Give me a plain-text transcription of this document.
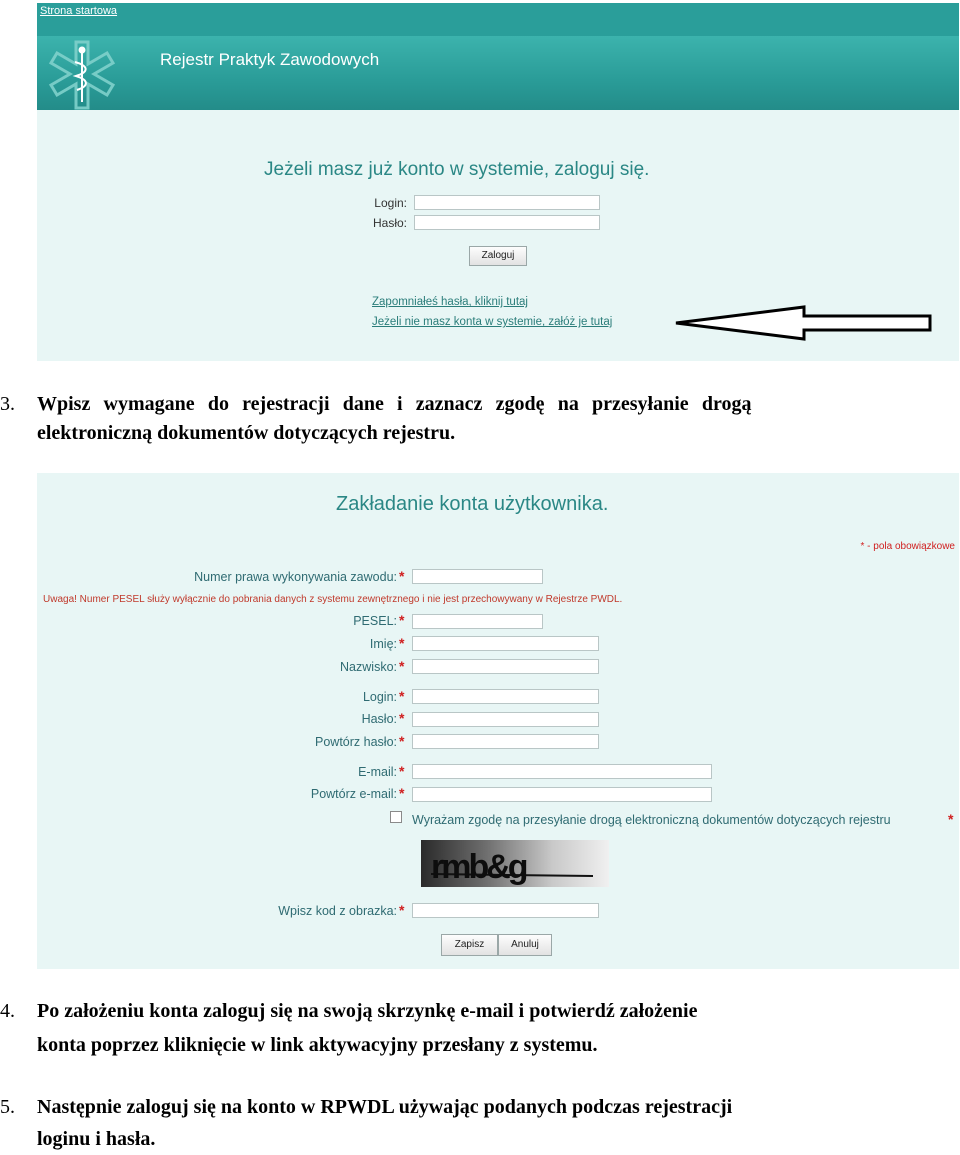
Strona startowa
Rejestr Praktyk Zawodowych
Jeżeli masz już konto w systemie, zaloguj się.
Login:
Hasło:
Zaloguj
Zapomniałeś hasła, kliknij tutaj
Jeżeli nie masz konta w systemie, załóż je tutaj
3. Wpisz wymagane do rejestracji dane i zaznacz zgodę na przesyłanie drogą
elektroniczną dokumentów dotyczących rejestru.
Zakładanie konta użytkownika.
* - pola obowiązkowe
Numer prawa wykonywania zawodu: *
Uwaga! Numer PESEL służy wyłącznie do pobrania danych z systemu zewnętrznego i nie jest przechowywany w Rejestrze PWDL.
PESEL: *
Imię: *
Nazwisko: *
Login: *
Hasło: *
Powtórz hasło: *
E-mail: *
Powtórz e-mail: *
Wyrażam zgodę na przesyłanie drogą elektroniczną dokumentów dotyczących rejestru	*
rmb&g
Wpisz kod z obrazka: *
Zapisz	Anuluj
4. Po założeniu konta zaloguj się na swoją skrzynkę e-mail i potwierdź założenie
konta poprzez kliknięcie w link aktywacyjny przesłany z systemu.
5. Następnie zaloguj się na konto w RPWDL używając podanych podczas rejestracji
loginu i hasła.
